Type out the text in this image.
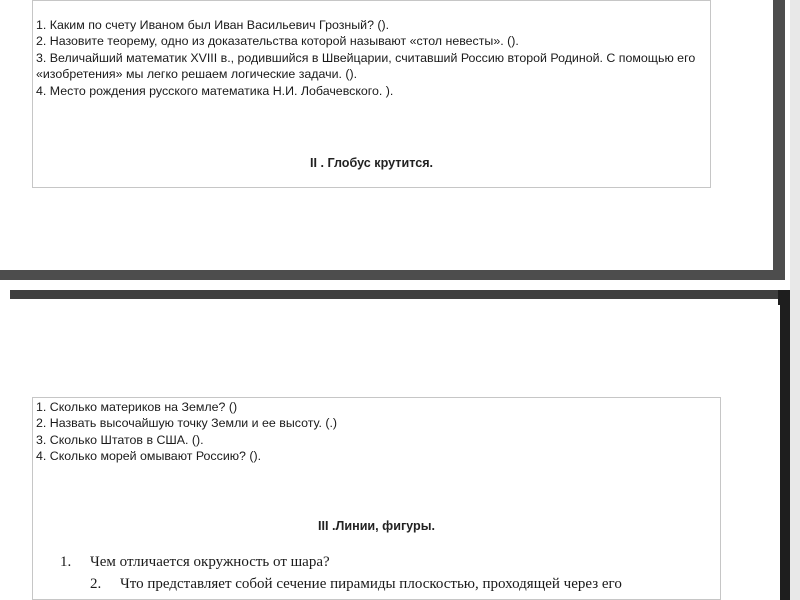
1. Каким по счету Иваном был Иван Васильевич Грозный? ().

2. Назовите теорему, одно из доказательства которой называют «стол невесты». ().

3. Величайший математик XVIII в., родившийся в Швейцарии, считавший Россию второй Родиной. С помощью его «изобретения» мы легко решаем логические задачи. ().

4. Место рождения русского математика Н.И. Лобачевского. ).

II . Глобус крутится.

1. Сколько материков на Земле? ()

2. Назвать высочайшую точку Земли и ее высоту. (.)

3. Сколько Штатов в США. ().

4. Сколько морей омывают Россию? ().

III .Линии, фигуры.
1. Чем отличается окружность от шара?
2. Что представляет собой сечение пирамиды плоскостью, проходящей через его
